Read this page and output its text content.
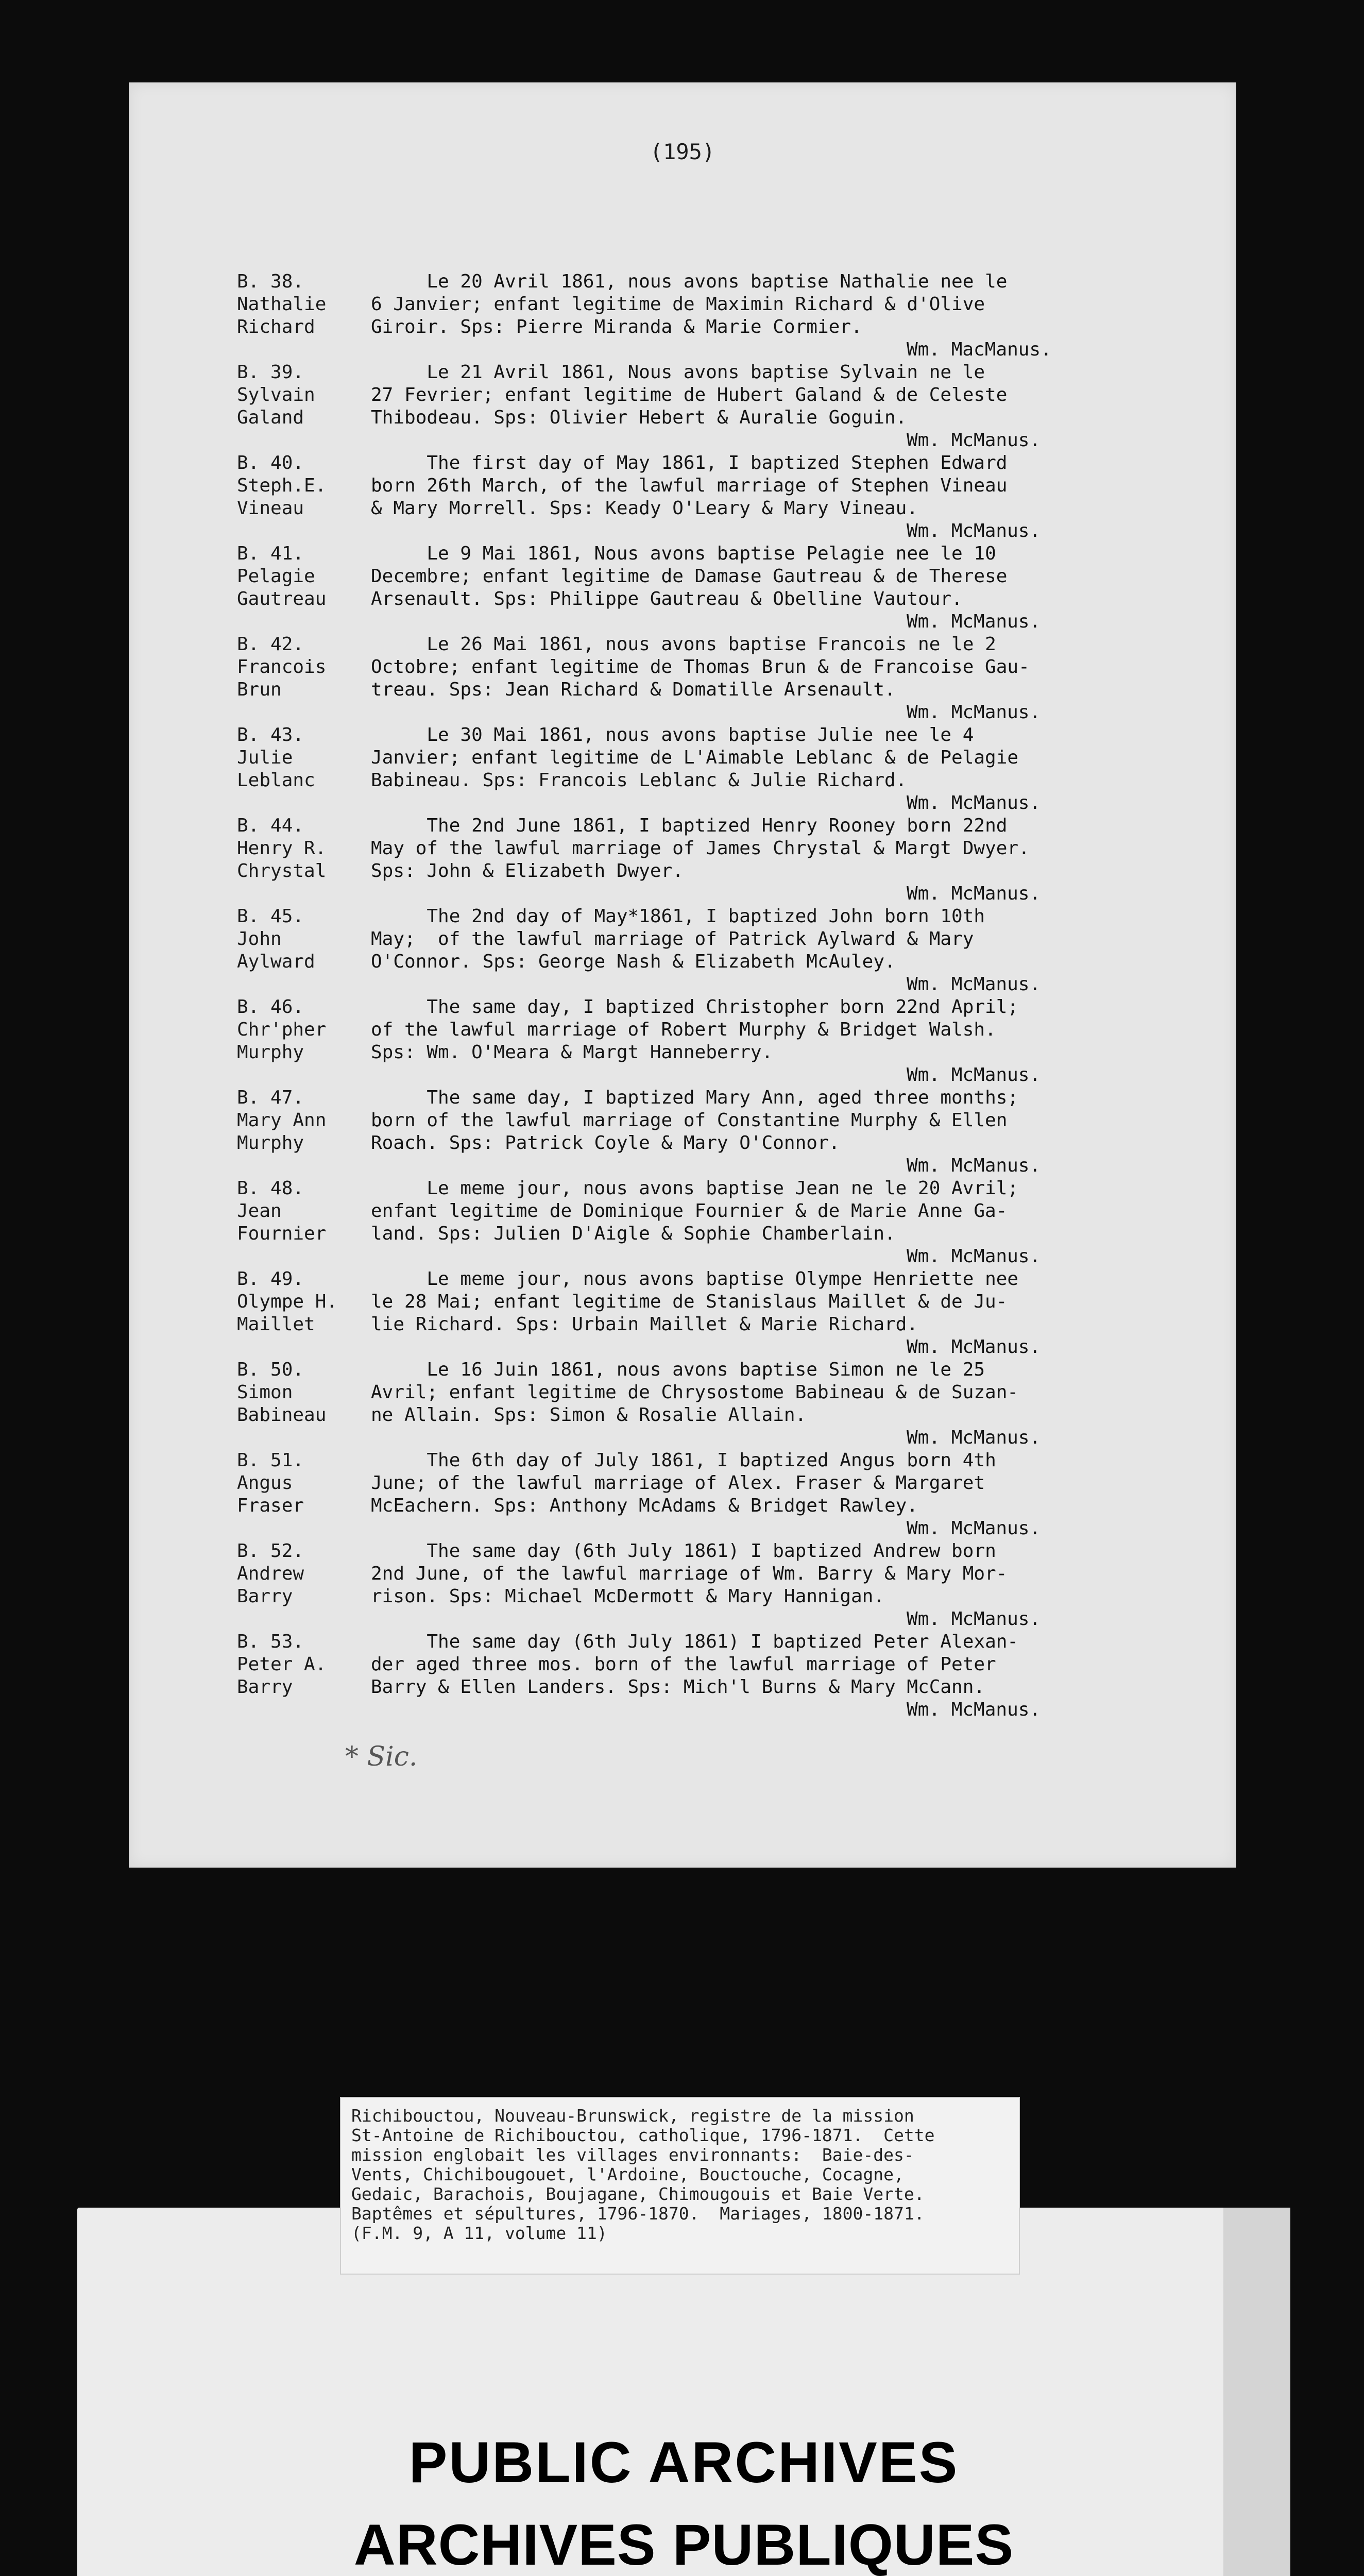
(195)
B. 38.
Nathalie
Richard
Le 20 Avril 1861, nous avons baptise Nathalie nee le
6 Janvier; enfant legitime de Maximin Richard & d'Olive
Giroir. Sps: Pierre Miranda & Marie Cormier.
Wm. MacManus.
B. 39.
Sylvain
Galand
Le 21 Avril 1861, Nous avons baptise Sylvain ne le
27 Fevrier; enfant legitime de Hubert Galand & de Celeste
Thibodeau. Sps: Olivier Hebert & Auralie Goguin.
Wm. McManus.
B. 40.
Steph.E.
Vineau
The first day of May 1861, I baptized Stephen Edward
born 26th March, of the lawful marriage of Stephen Vineau
& Mary Morrell. Sps: Keady O'Leary & Mary Vineau.
Wm. McManus.
B. 41.
Pelagie
Gautreau
Le 9 Mai 1861, Nous avons baptise Pelagie nee le 10
Decembre; enfant legitime de Damase Gautreau & de Therese
Arsenault. Sps: Philippe Gautreau & Obelline Vautour.
Wm. McManus.
B. 42.
Francois
Brun
Le 26 Mai 1861, nous avons baptise Francois ne le 2
Octobre; enfant legitime de Thomas Brun & de Francoise Gau-
treau. Sps: Jean Richard & Domatille Arsenault.
Wm. McManus.
B. 43.
Julie
Leblanc
Le 30 Mai 1861, nous avons baptise Julie nee le 4
Janvier; enfant legitime de L'Aimable Leblanc & de Pelagie
Babineau. Sps: Francois Leblanc & Julie Richard.
Wm. McManus.
B. 44.
Henry R.
Chrystal
The 2nd June 1861, I baptized Henry Rooney born 22nd
May of the lawful marriage of James Chrystal & Margt Dwyer.
Sps: John & Elizabeth Dwyer.
Wm. McManus.
B. 45.
John
Aylward
The 2nd day of May*1861, I baptized John born 10th
May;  of the lawful marriage of Patrick Aylward & Mary
O'Connor. Sps: George Nash & Elizabeth McAuley.
Wm. McManus.
B. 46.
Chr'pher
Murphy
The same day, I baptized Christopher born 22nd April;
of the lawful marriage of Robert Murphy & Bridget Walsh.
Sps: Wm. O'Meara & Margt Hanneberry.
Wm. McManus.
B. 47.
Mary Ann
Murphy
The same day, I baptized Mary Ann, aged three months;
born of the lawful marriage of Constantine Murphy & Ellen
Roach. Sps: Patrick Coyle & Mary O'Connor.
Wm. McManus.
B. 48.
Jean
Fournier
Le meme jour, nous avons baptise Jean ne le 20 Avril;
enfant legitime de Dominique Fournier & de Marie Anne Ga-
land. Sps: Julien D'Aigle & Sophie Chamberlain.
Wm. McManus.
B. 49.
Olympe H.
Maillet
Le meme jour, nous avons baptise Olympe Henriette nee
le 28 Mai; enfant legitime de Stanislaus Maillet & de Ju-
lie Richard. Sps: Urbain Maillet & Marie Richard.
Wm. McManus.
B. 50.
Simon
Babineau
Le 16 Juin 1861, nous avons baptise Simon ne le 25
Avril; enfant legitime de Chrysostome Babineau & de Suzan-
ne Allain. Sps: Simon & Rosalie Allain.
Wm. McManus.
B. 51.
Angus
Fraser
The 6th day of July 1861, I baptized Angus born 4th
June; of the lawful marriage of Alex. Fraser & Margaret
McEachern. Sps: Anthony McAdams & Bridget Rawley.
Wm. McManus.
B. 52.
Andrew
Barry
The same day (6th July 1861) I baptized Andrew born
2nd June, of the lawful marriage of Wm. Barry & Mary Mor-
rison. Sps: Michael McDermott & Mary Hannigan.
Wm. McManus.
B. 53.
Peter A.
Barry
The same day (6th July 1861) I baptized Peter Alexan-
der aged three mos. born of the lawful marriage of Peter
Barry & Ellen Landers. Sps: Mich'l Burns & Mary McCann.
Wm. McManus.
* Sic.
PUBLIC ARCHIVES
ARCHIVES PUBLIQUES
Richibouctou, Nouveau-Brunswick, registre de la mission
St-Antoine de Richibouctou, catholique, 1796-1871.  Cette
mission englobait les villages environnants:  Baie-des-
Vents, Chichibougouet, l'Ardoine, Bouctouche, Cocagne,
Gedaic, Barachois, Boujagane, Chimougouis et Baie Verte.
Baptêmes et sépultures, 1796-1870.  Mariages, 1800-1871.
(F.M. 9, A 11, volume 11)
